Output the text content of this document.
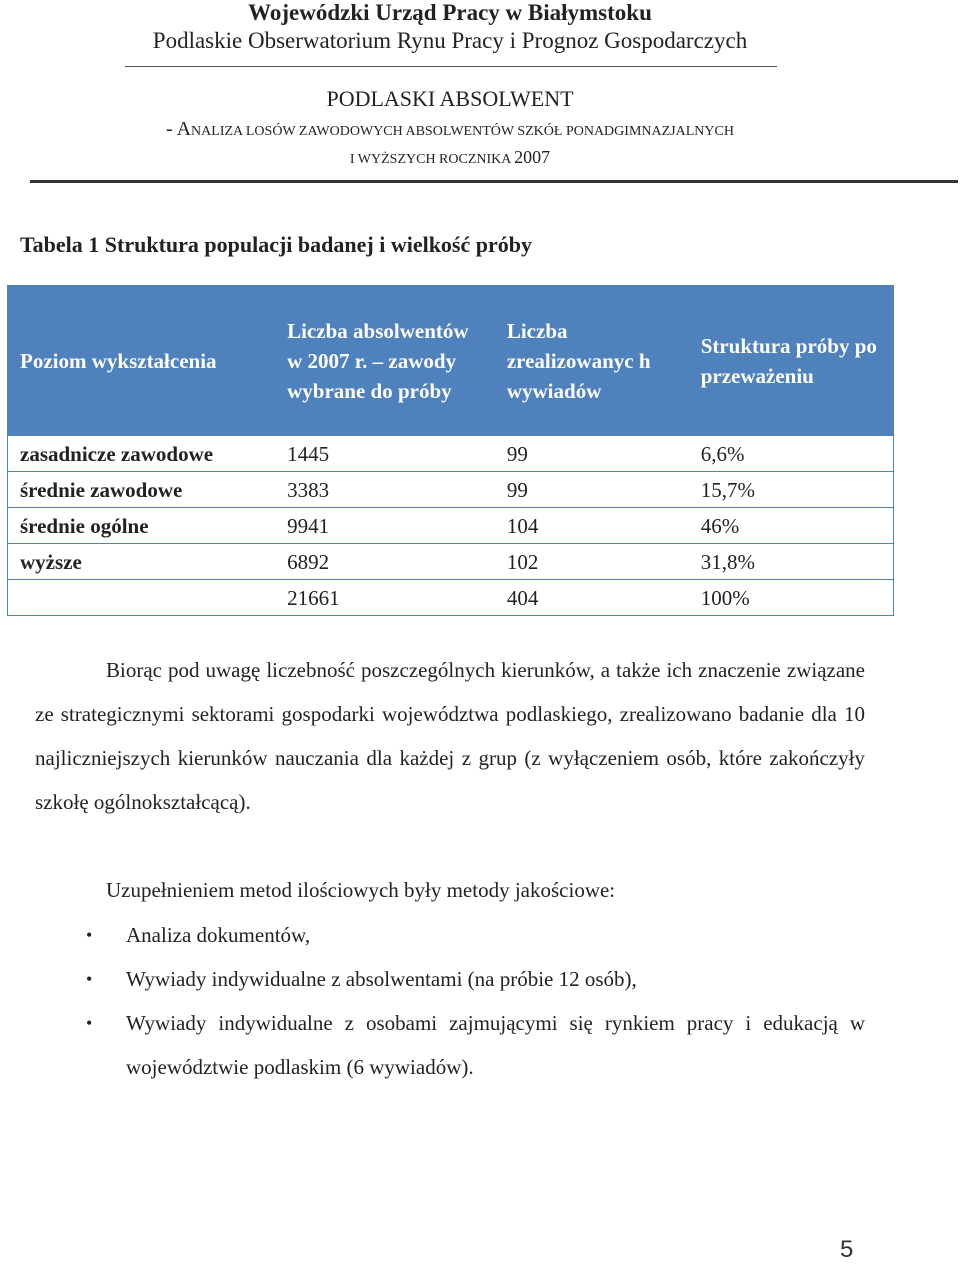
Wojewódzki Urząd Pracy w Białymstoku
Podlaskie Obserwatorium Rynu Pracy i Prognoz Gospodarczych
PODLASKI ABSOLWENT
- ANALIZA LOSÓW ZAWODOWYCH ABSOLWENTÓW SZKÓŁ PONADGIMNAZJALNYCH
I WYŻSZYCH ROCZNIKA 2007
Tabela 1 Struktura populacji badanej i wielkość próby
Poziom wykształcenia	Liczba absolwentów w 2007 r. – zawody wybrane do próby	Liczba zrealizowanyc h wywiadów	Struktura próby po przeważeniu
zasadnicze zawodowe	1445	99	6,6%
średnie zawodowe	3383	99	15,7%
średnie ogólne	9941	104	46%
wyższe	6892	102	31,8%
	21661	404	100%
Biorąc pod uwagę liczebność poszczególnych kierunków, a także ich znaczenie związane ze strategicznymi sektorami gospodarki województwa podlaskiego, zrealizowano badanie dla 10 najliczniejszych kierunków nauczania dla każdej z grup (z wyłączeniem osób, które zakończyły szkołę ogólnokształcącą).
Uzupełnieniem metod ilościowych były metody jakościowe:
• Analiza dokumentów,
• Wywiady indywidualne z absolwentami (na próbie 12 osób),
• Wywiady indywidualne z osobami zajmującymi się rynkiem pracy i edukacją w województwie podlaskim (6 wywiadów).
5
